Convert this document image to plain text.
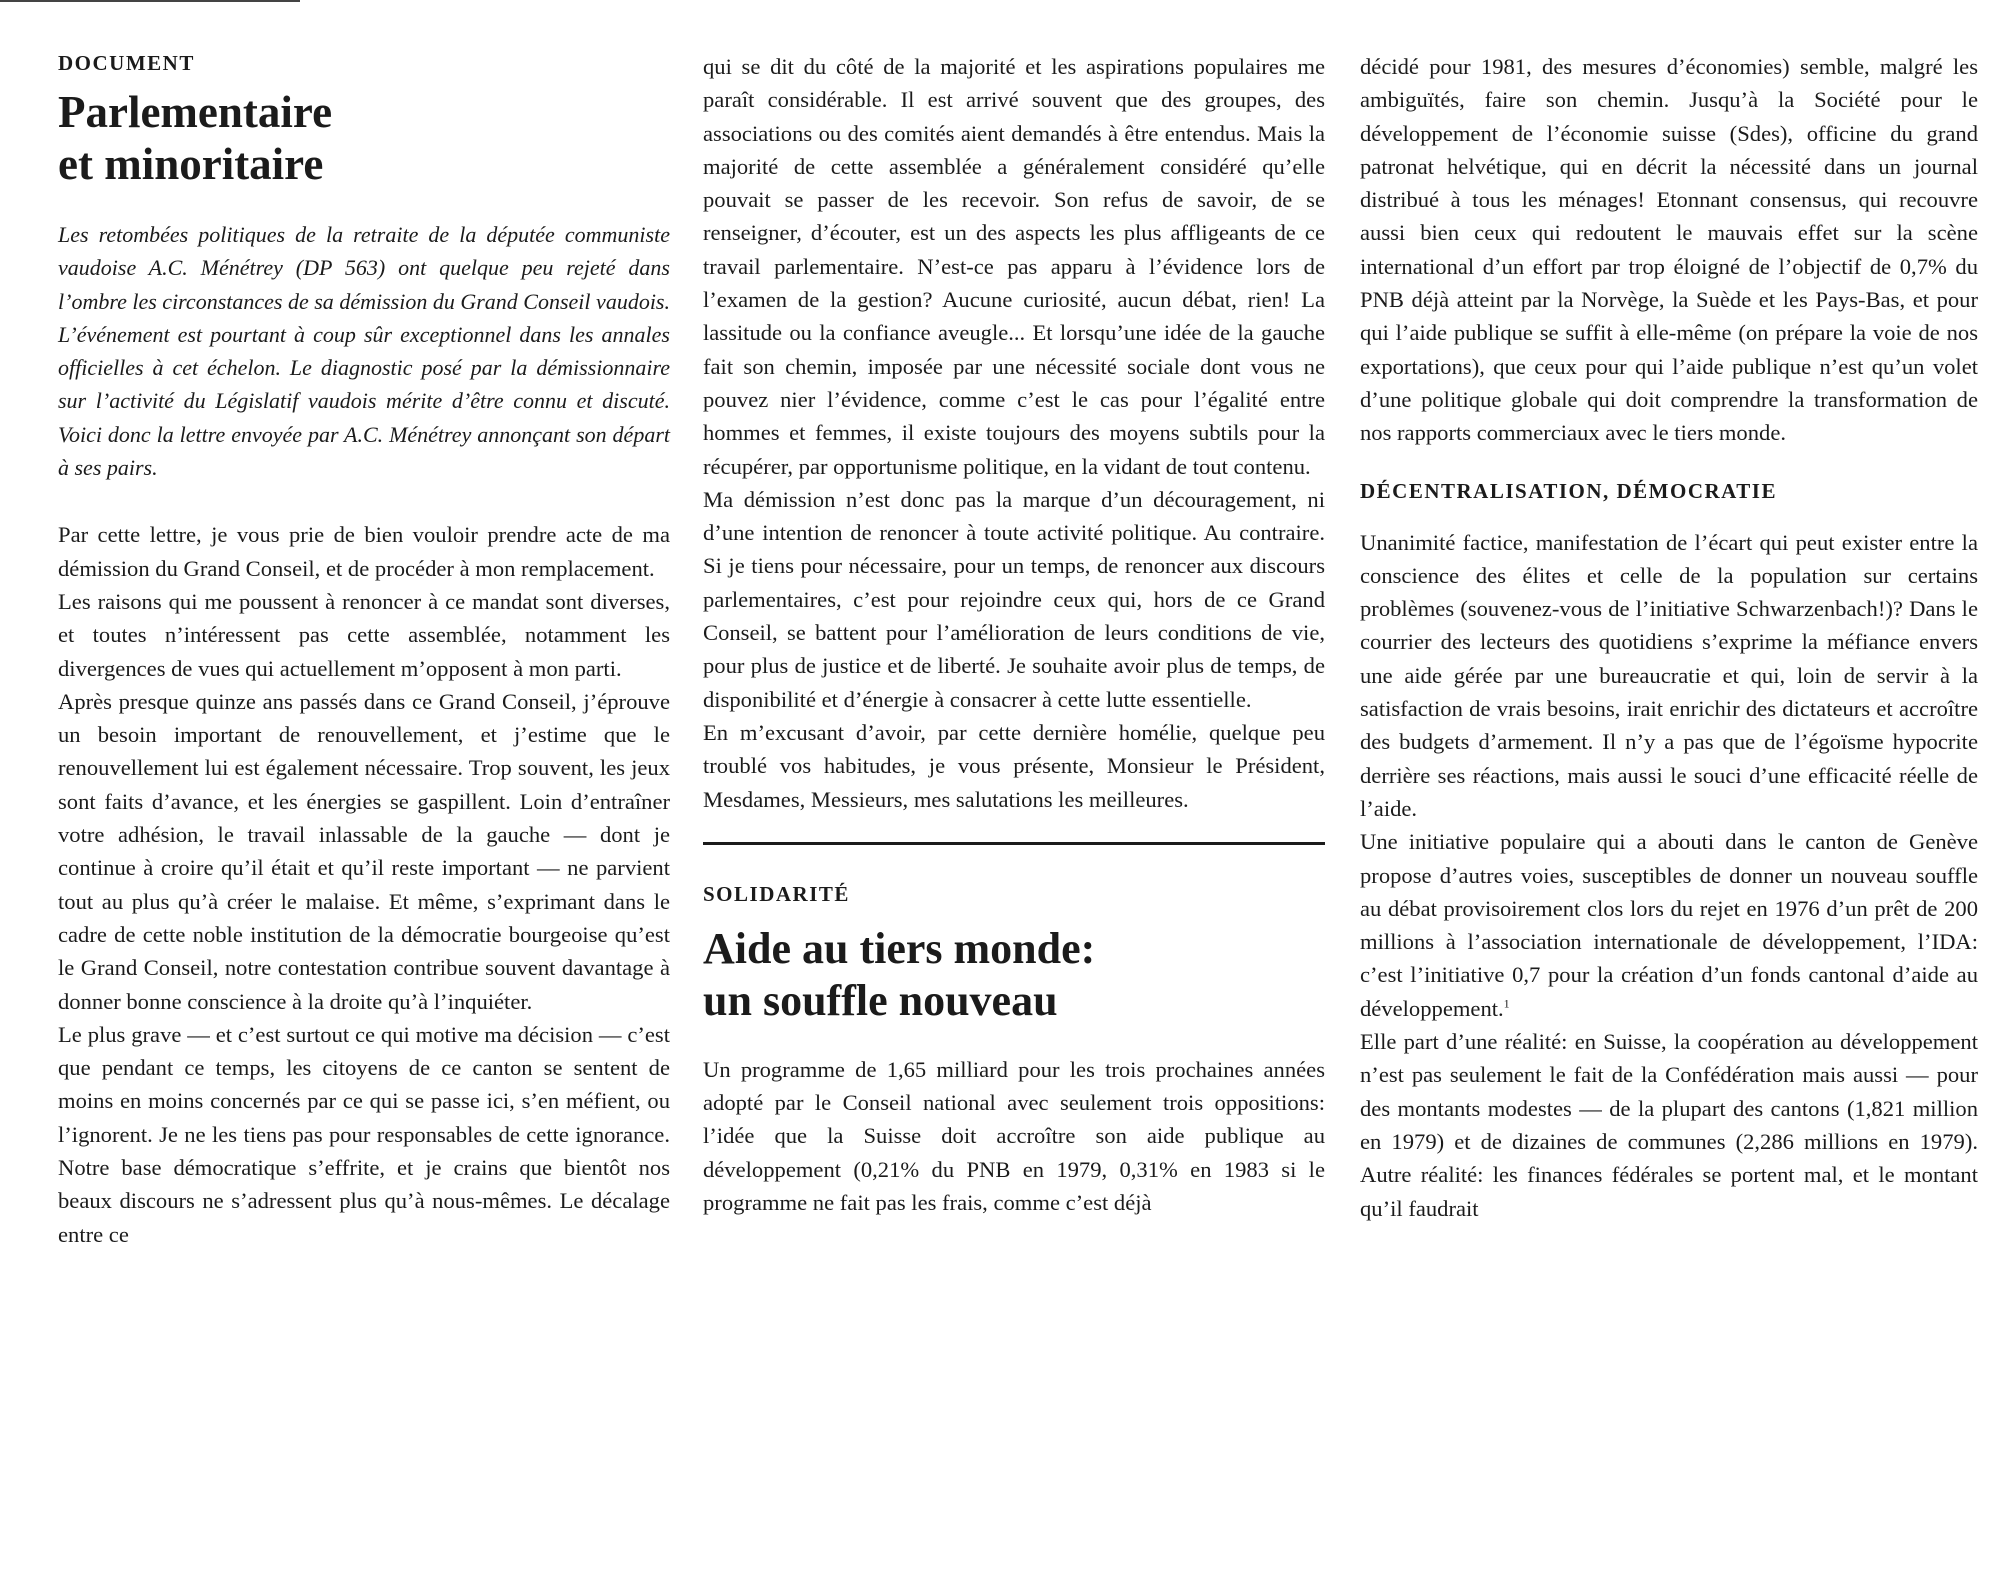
DOCUMENT
Parlementaire
et minoritaire

Les retombées politiques de la retraite de la députée communiste vaudoise A.C. Ménétrey (DP 563) ont quelque peu rejeté dans l’ombre les circonstances de sa démission du Grand Conseil vaudois. L’événement est pourtant à coup sûr exceptionnel dans les annales officielles à cet échelon. Le diagnostic posé par la démissionnaire sur l’activité du Législatif vaudois mérite d’être connu et discuté. Voici donc la lettre envoyée par A.C. Ménétrey annonçant son départ à ses pairs.

Par cette lettre, je vous prie de bien vouloir prendre acte de ma démission du Grand Conseil, et de procéder à mon remplacement.

Les raisons qui me poussent à renoncer à ce mandat sont diverses, et toutes n’intéressent pas cette assemblée, notamment les divergences de vues qui actuellement m’opposent à mon parti.

Après presque quinze ans passés dans ce Grand Conseil, j’éprouve un besoin important de renouvellement, et j’estime que le renouvellement lui est également nécessaire. Trop souvent, les jeux sont faits d’avance, et les énergies se gaspillent. Loin d’entraîner votre adhésion, le travail inlassable de la gauche — dont je continue à croire qu’il était et qu’il reste important — ne parvient tout au plus qu’à créer le malaise. Et même, s’exprimant dans le cadre de cette noble institution de la démocratie bourgeoise qu’est le Grand Conseil, notre contestation contribue souvent davantage à donner bonne conscience à la droite qu’à l’inquiéter.

Le plus grave — et c’est surtout ce qui motive ma décision — c’est que pendant ce temps, les citoyens de ce canton se sentent de moins en moins concernés par ce qui se passe ici, s’en méfient, ou l’ignorent. Je ne les tiens pas pour responsables de cette ignorance. Notre base démocratique s’effrite, et je crains que bientôt nos beaux discours ne s’adressent plus qu’à nous-mêmes. Le décalage entre ce

qui se dit du côté de la majorité et les aspirations populaires me paraît considérable. Il est arrivé souvent que des groupes, des associations ou des comités aient demandés à être entendus. Mais la majorité de cette assemblée a généralement considéré qu’elle pouvait se passer de les recevoir. Son refus de savoir, de se renseigner, d’écouter, est un des aspects les plus affligeants de ce travail parlementaire. N’est-ce pas apparu à l’évidence lors de l’examen de la gestion? Aucune curiosité, aucun débat, rien! La lassitude ou la confiance aveugle... Et lorsqu’une idée de la gauche fait son chemin, imposée par une nécessité sociale dont vous ne pouvez nier l’évidence, comme c’est le cas pour l’égalité entre hommes et femmes, il existe toujours des moyens subtils pour la récupérer, par opportunisme politique, en la vidant de tout contenu.

Ma démission n’est donc pas la marque d’un découragement, ni d’une intention de renoncer à toute activité politique. Au contraire. Si je tiens pour nécessaire, pour un temps, de renoncer aux discours parlementaires, c’est pour rejoindre ceux qui, hors de ce Grand Conseil, se battent pour l’amélioration de leurs conditions de vie, pour plus de justice et de liberté. Je souhaite avoir plus de temps, de disponibilité et d’énergie à consacrer à cette lutte essentielle.

En m’excusant d’avoir, par cette dernière homélie, quelque peu troublé vos habitudes, je vous présente, Monsieur le Président, Mesdames, Messieurs, mes salutations les meilleures.

SOLIDARITÉ
Aide au tiers monde:
un souffle nouveau

Un programme de 1,65 milliard pour les trois prochaines années adopté par le Conseil national avec seulement trois oppositions: l’idée que la Suisse doit accroître son aide publique au développement (0,21% du PNB en 1979, 0,31% en 1983 si le programme ne fait pas les frais, comme c’est déjà

décidé pour 1981, des mesures d’économies) semble, malgré les ambiguïtés, faire son chemin. Jusqu’à la Société pour le développement de l’économie suisse (Sdes), officine du grand patronat helvétique, qui en décrit la nécessité dans un journal distribué à tous les ménages! Etonnant consensus, qui recouvre aussi bien ceux qui redoutent le mauvais effet sur la scène international d’un effort par trop éloigné de l’objectif de 0,7% du PNB déjà atteint par la Norvège, la Suède et les Pays-Bas, et pour qui l’aide publique se suffit à elle-même (on prépare la voie de nos exportations), que ceux pour qui l’aide publique n’est qu’un volet d’une politique globale qui doit comprendre la transformation de nos rapports commerciaux avec le tiers monde.

DÉCENTRALISATION, DÉMOCRATIE

Unanimité factice, manifestation de l’écart qui peut exister entre la conscience des élites et celle de la population sur certains problèmes (souvenez-vous de l’initiative Schwarzenbach!)? Dans le courrier des lecteurs des quotidiens s’exprime la méfiance envers une aide gérée par une bureaucratie et qui, loin de servir à la satisfaction de vrais besoins, irait enrichir des dictateurs et accroître des budgets d’armement. Il n’y a pas que de l’égoïsme hypocrite derrière ses réactions, mais aussi le souci d’une efficacité réelle de l’aide.

Une initiative populaire qui a abouti dans le canton de Genève propose d’autres voies, susceptibles de donner un nouveau souffle au débat provisoirement clos lors du rejet en 1976 d’un prêt de 200 millions à l’association internationale de développement, l’IDA: c’est l’initiative 0,7 pour la création d’un fonds cantonal d’aide au développement.$^1$

Elle part d’une réalité: en Suisse, la coopération au développement n’est pas seulement le fait de la Confédération mais aussi — pour des montants modestes — de la plupart des cantons (1,821 million en 1979) et de dizaines de communes (2,286 millions en 1979). Autre réalité: les finances fédérales se portent mal, et le montant qu’il faudrait
